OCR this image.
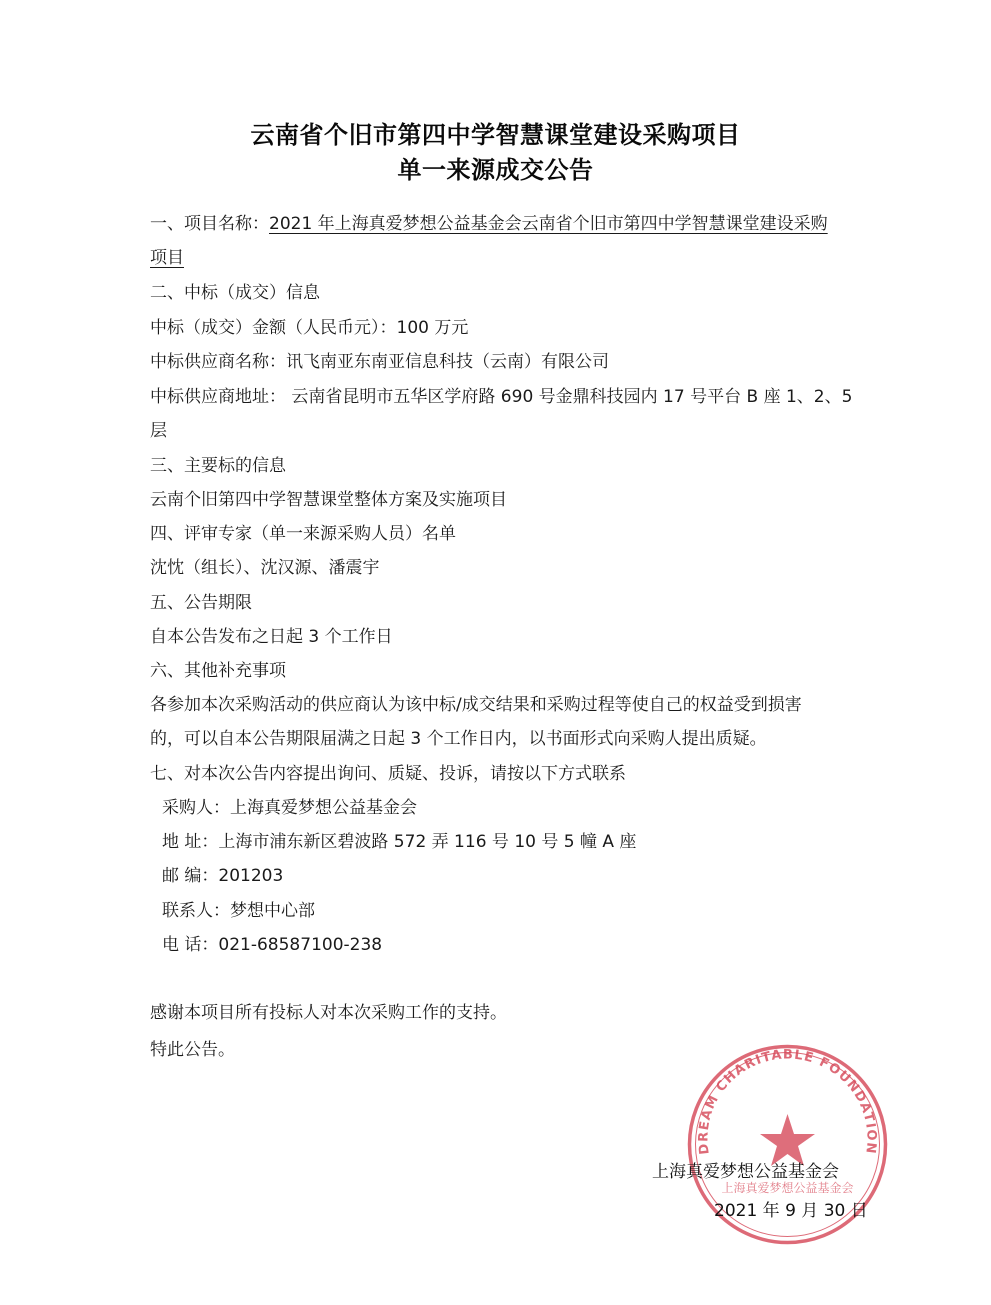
云南省个旧市第四中学智慧课堂建设采购项目
单一来源成交公告
一、项目名称：2021 年上海真爱梦想公益基金会云南省个旧市第四中学智慧课堂建设采购
项目
二、中标（成交）信息
中标（成交）金额（人民币元）：100 万元
中标供应商名称：讯飞南亚东南亚信息科技（云南）有限公司
中标供应商地址： 云南省昆明市五华区学府路 690 号金鼎科技园内 17 号平台 B 座 1、2、5
层
三、主要标的信息
云南个旧第四中学智慧课堂整体方案及实施项目
四、评审专家（单一来源采购人员）名单
沈忱（组长）、沈汉源、潘震宇
五、公告期限
自本公告发布之日起 3 个工作日
六、其他补充事项
各参加本次采购活动的供应商认为该中标/成交结果和采购过程等使自己的权益受到损害
的，可以自本公告期限届满之日起 3 个工作日内，以书面形式向采购人提出质疑。
七、对本次公告内容提出询问、质疑、投诉，请按以下方式联系
采购人：上海真爱梦想公益基金会
地 址：上海市浦东新区碧波路 572 弄 116 号 10 号 5 幢 A 座
邮 编：201203
联系人：梦想中心部
电 话：021-68587100-238
感谢本项目所有投标人对本次采购工作的支持。
特此公告。
DREAM CHARITABLE FOUNDATION
上海真爱梦想公益基金会
上海真爱梦想公益基金会
2021 年 9 月 30 日
